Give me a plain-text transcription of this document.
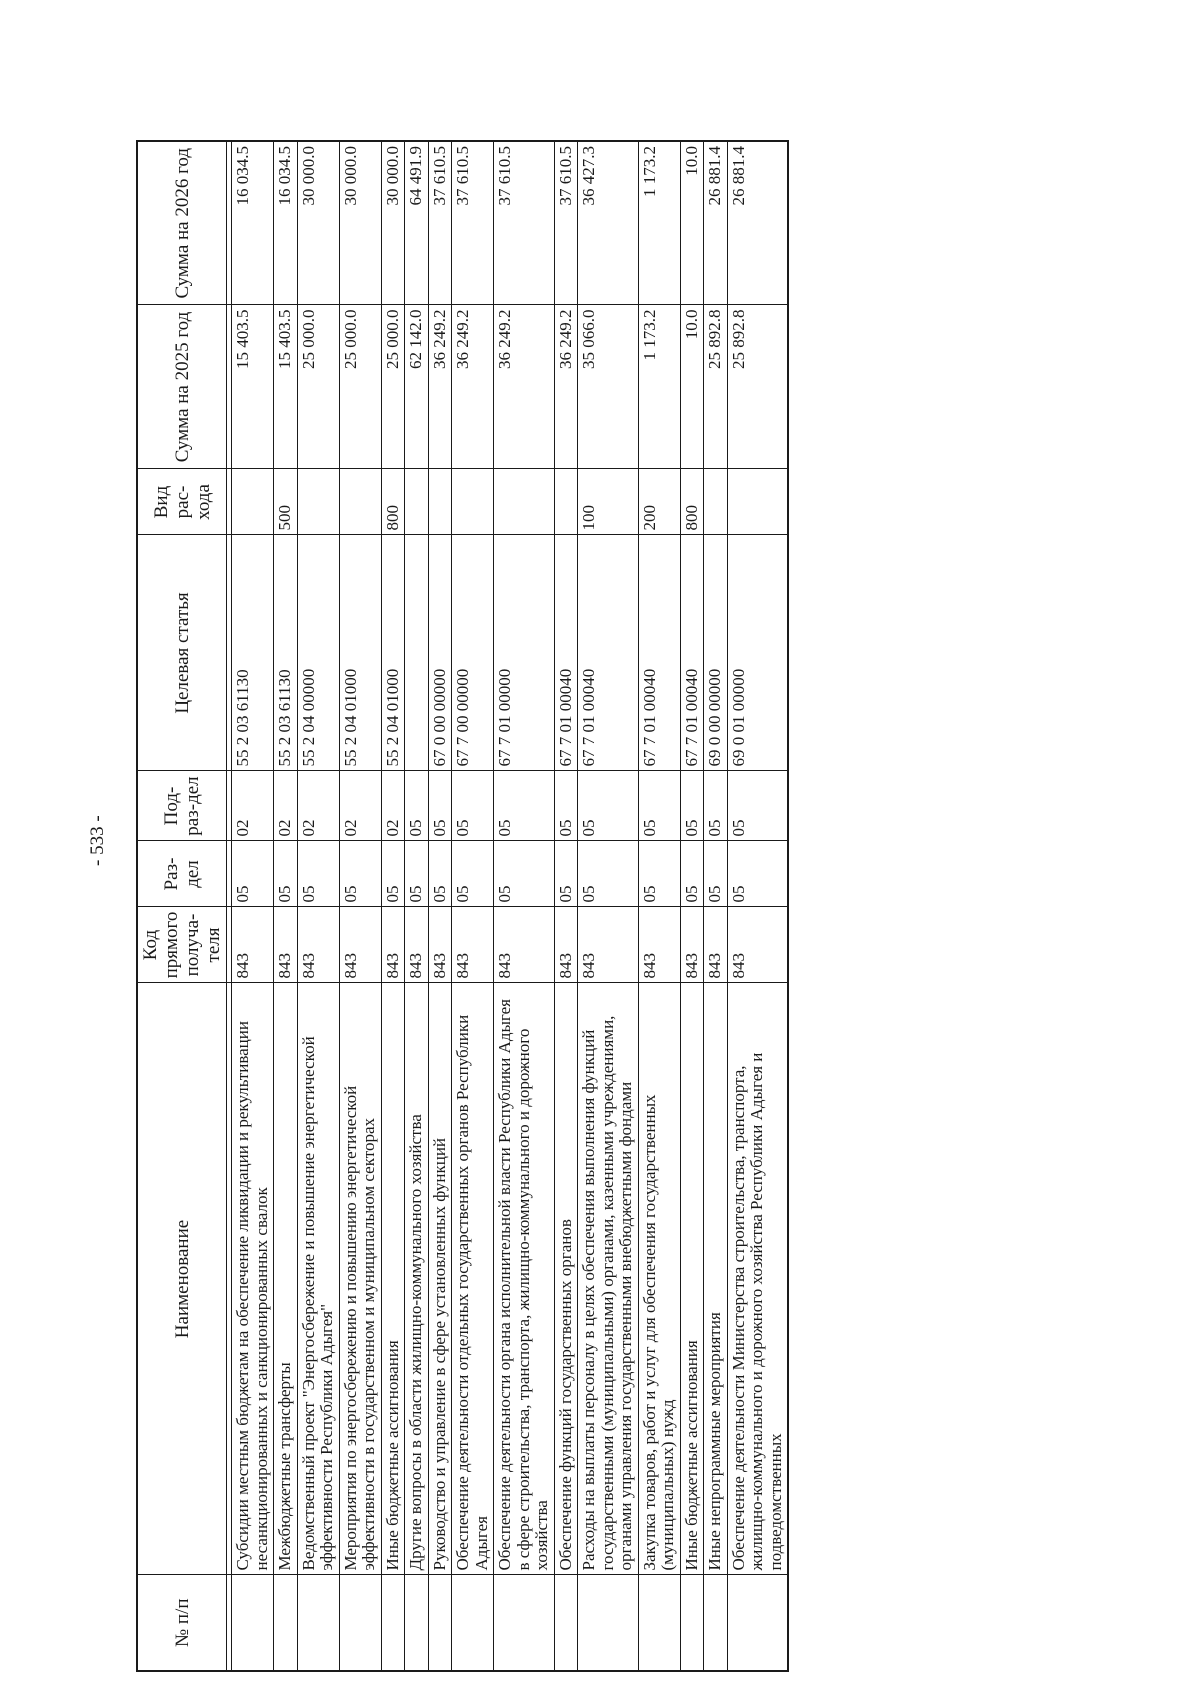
- 533 -
№ п/п	Наименование	Код прямого получа-теля	Раз-дел	Под-раз-дел	Целевая статья	Вид рас-хода	Сумма на 2025 год	Сумма на 2026 год

	Субсидии местным бюджетам на обеспечение ликвидации и рекультивации несанкционированных и санкционированных свалок	843	05	02	55 2 03 61130		15 403.5	16 034.5
	Межбюджетные трансферты	843	05	02	55 2 03 61130	500	15 403.5	16 034.5
	Ведомственный проект "Энергосбережение и повышение энергетической эффективности Республики Адыгея"	843	05	02	55 2 04 00000		25 000.0	30 000.0
	Мероприятия по энергосбережению и повышению энергетической эффективности в государственном и муниципальном секторах	843	05	02	55 2 04 01000		25 000.0	30 000.0
	Иные бюджетные ассигнования	843	05	02	55 2 04 01000	800	25 000.0	30 000.0
	Другие вопросы в области жилищно-коммунального хозяйства	843	05	05			62 142.0	64 491.9
	Руководство и управление в сфере установленных функций	843	05	05	67 0 00 00000		36 249.2	37 610.5
	Обеспечение деятельности отдельных государственных органов Республики Адыгея	843	05	05	67 7 00 00000		36 249.2	37 610.5
	Обеспечение деятельности органа исполнительной власти Республики Адыгея в сфере строительства, транспорта, жилищно-коммунального и дорожного хозяйства	843	05	05	67 7 01 00000		36 249.2	37 610.5
	Обеспечение функций государственных органов	843	05	05	67 7 01 00040		36 249.2	37 610.5
	Расходы на выплаты персоналу в целях обеспечения выполнения функций государственными (муниципальными) органами, казенными учреждениями, органами управления государственными внебюджетными фондами	843	05	05	67 7 01 00040	100	35 066.0	36 427.3
	Закупка товаров, работ и услуг для обеспечения государственных (муниципальных) нужд	843	05	05	67 7 01 00040	200	1 173.2	1 173.2
	Иные бюджетные ассигнования	843	05	05	67 7 01 00040	800	10.0	10.0
	Иные непрограммные мероприятия	843	05	05	69 0 00 00000		25 892.8	26 881.4
	Обеспечение деятельности Министерства строительства, транспорта, жилищно-коммунального и дорожного хозяйства Республики Адыгея и подведомственных	843	05	05	69 0 01 00000		25 892.8	26 881.4
